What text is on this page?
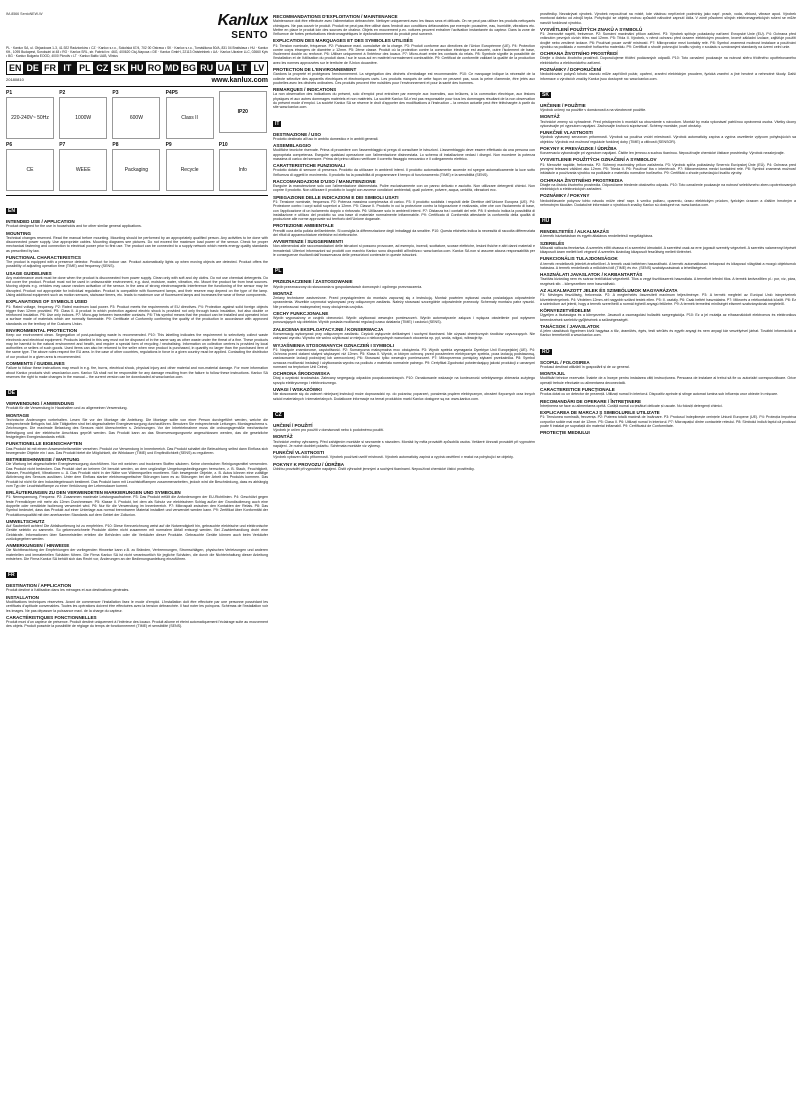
IM-8566 SentoNEW-W	Kanlux
SENTO
PL · Kanlux SA, ul. Objazdowa 1-3, 41-922 Radzionków • CZ · Kanlux s.r.o., Sokolská 67/4, 702 00 Ostrava • SK · Kanlux s.r.o., Tomášikova 50/A, 831 04 Bratislava • HU · Kanlux Kft., 1095 Budapest, Soroksári út 48 • RO · Kanlux SRL, str. Fabricii nr. 46G, 400620 Cluj-Napoca • DE · Kanlux GmbH, 22113 Oststeinbek • UA · Kanlux Ukraine LLC, 02660 Kyiv • BG · Kanlux Bulgaria EOOD, 4000 Plovdiv • LT · Kanlux Baltic UAB, Vilnius
EN DE FR IT PL CZ SK HU RO MD BG RU UA LT LV
20180810	www.kanlux.com
P1
220-240V~ 50Hz
P2
1000W
P3
600W
P4P5
Class II
IP20
P6
CE
P7
WEEE
P8
Packaging
P9
Recycle
P10
Info
EN
INTENDED USE / APPLICATION

Product designed for the use in households and for other similar general applications.

MOUNTING

Technical changes reserved. Read the manual before mounting. Mounting should be performed by an appropriately qualified person. Any activities to be done with disconnected power supply. Use appropriate cables. Mounting diagrams see pictures. Do not exceed the maximum load power of the sensor. Check for proper mechanical fastening and connection to electrical power prior to first use. The product can be connected to a supply network which meets energy quality standards as prescribed by law.

FUNCTIONAL CHARACTERISTICS

The product is equipped with a presence detector. Product for indoor use. Product automatically lights up when moving objects are detected. Product offers the possibility of adjusting operation time (TIME) and frequency (SENS).

USAGE GUIDELINES

Any maintenance work must be done when the product is disconnected from power supply. Clean only with soft and dry cloths. Do not use chemical detergents. Do not cover the product. Product must not be used in unfavourable environment, e.g. dust, moisture, water, vibration, etc. Mount the product far from heat sources. Moving objects e.g. vehicles may cause random activation of the sensor. In the area of strong electromagnetic interference the functioning of the sensor may be disrupted. Product not appropriate for individual regulation. Product is compatible with fluorescent lamps, and their reserve may depend on the type of the lamp. Using additional equipment such as motion sensors, staircase timers, etc. leads to maximum use of fluorescent lamps and increases the wear of these components.

EXPLANATIONS OF SYMBOLS USED

P1: Rated voltage, frequency. P2: Rated maximum load power. P3: Product meets the requirements of EU directives. P4: Protection against solid foreign objects bigger than 12mm provided. P5: Class II. A product in which protection against electric shock is provided not only through basic insulation, but also double or reinforced insulation. P6: Use only indoors. P7: Micro-gap between transmitter contacts. P8: This symbol means that the product can be installed and operated in/on a surface made of materials which are normally flammable. P9: Certificate of Conformity confirming the quality of the production in accordance with approved standards on the territory of the Customs Union.

ENVIRONMENTAL PROTECTION

Keep our environment clean. Segregation of post-packaging waste is recommended. P10: This labelling indicates the requirement to selectively collect waste electronic and electrical equipment. Products labelled in this way must not be disposed of in the same way as other waste under the threat of a fine. These products may be harmful to the natural environment and health, and require a special form of recycling / neutralising. Information on collection centres is provided by local authorities or sellers of such goods. Used items can also be returned to the seller when new product is purchased, in quantity no larger than the purchased item of the same type. The above rules respect the EU area. In the case of other countries, regulations in force in a given country must be applied. Contacting the distributor of our product in a given area is recommended.

COMMENTS / GUIDELINES

Failure to follow these instructions may result in e.g. fire, burns, electrical shock, physical injury and other material and non-material damage. For more information about Kanlux products visit: www.kanlux.com. Kanlux SA shall not be responsible for any damage resulting from the failure to follow these instructions. Kanlux SA reserves the right to make changes in the manual – the current version can be downloaded at www.kanlux.com.

DE
VERWENDUNG / ANWENDUNG

Produkt für die Verwendung in Haushalten und zu allgemeinen Verwendung.

MONTAGE

Technische Änderungen vorbehalten. Lesen Sie vor der Montage die Anleitung. Die Montage sollte von einer Person durchgeführt werden, welche die entsprechende Befugnis hat. Alle Tätigkeiten sind bei abgeschalteter Energieversorgung durchzuführen. Benutzen Sie entsprechende Leitungen. Montageschema s. Zeichnungen. Die maximale Belastung des Sensors nicht überschreiten s. Zeichnungen. Vor der Inbetriebnahme muss die ordnungsgemäße mechanische Befestigung und der elektrische Anschluss geprüft werden. Das Produkt kann an das Stromversorgungsnetz angeschlossen werden, das die gesetzliche festgelegten Energiestandards erfüllt.

FUNKTIONELLE EIGENSCHAFTEN

Das Produkt ist mit einem Anwesenheitsmelder versehen. Produkt zur Verwendung in Innenbereich. Das Produkt schaltet die Beleuchtung selbst dann Einfluss sich bewegender Objekte ein / aus. Das Produkt bietet die Möglichkeit, die Wirkdauer (TIME) und Empfindlichkeit (SENS) zu regulieren.

BETRIEBSHINWEISE / WARTUNG

Die Wartung bei abgeschalteter Energieversorgung durchführen. Nur mit weichen und trockenen Stoffen säubern. Keine chemischen Reinigungsmittel verwenden. Das Produkt nicht bedecken. Das Produkt darf an keinem Ort benutzt werden, an dem ungünstige Umgebungsbedingungen herrschen, z. B. Staub, Feuchtigkeit, Wasser, Feuchtigkeit, Vibrationen u. Ä. Das Produkt nicht in der Nähe von Wärmequellen montieren. Sich bewegende Objekte, z. B. Autos können eine zufällige Aktivierung des Sensors auslösen. Unter dem Einfluss starker elektromagnetischer Störungen kann es zu Störungen bei der Arbeit des Produkts kommen. Das Produkt ist nicht für den Industriegebrauch bestimmt. Das Produkt kann mit Leuchtstofflampen zusammenarbeiten, jedoch wird die Beschränkung, dass es abhängig vom Typ der Leuchtstofflampe zu einer Verkürzung der Lebensdauer kommt.

ERLÄUTERUNGEN ZU DEN VERWENDETEN MARKIERUNGEN UND SYMBOLEN

P1: Nennspannung, Frequenz. P2: Zusammen maximale Leistungsaufnahme. P3: Das Produkt erfüllt die Anforderungen der EU-Richtlinien. P4: Geschützt gegen feste Fremdkörper mit mehr als 12mm Durchmesser. P5: Klasse II. Produkt, bei dem als Schutz vor elektrischem Schlag außer der Grundisolierung auch eine doppelte oder verstärkte Isolierung verwendet wird. P6: Nur für die Verwendung im Innenbereich. P7: Mikrospalt zwischen den Kontakten der Relais. P8: Das Symbol bedeutet, dass das Produkt auf einer Unterlage aus normal brennbarem Material installiert und verwendet werden kann. P9: Zertifikat über Konformität der Produktionsqualität mit den anerkannten Standards auf dem Gebiet der Zollunion.

UMWELTSCHUTZ

Auf Sauberkeit achten! Die Abfallsortierung ist zu empfehlen. P10: Diese Kennzeichnung weist auf die Notwendigkeit hin, gebrauchte elektrische und elektronische Geräte selektiv zu sammeln. So gekennzeichnete Produkte dürfen nicht zusammen mit normalem Abfall entsorgt werden. Bei Zuwiderhandlung droht eine Geldstrafe. Informationen über Sammelstellen erteilen die Behörden oder die Verkäufer dieser Produkte. Gebrauchte Geräte können auch beim Verkäufer zurückgegeben werden.

ANMERKUNGEN / HINWEISE

Die Nichtbeachtung der Empfehlungen der vorliegenden Hinweise kann z.B. zu Bränden, Verbrennungen, Stromschlägen, physischen Verletzungen und anderen materiellen und immateriellen Schäden führen. Die Firma Kanlux SA ist nicht verantwortlich für jegliche Schäden, die durch die Nichteinhaltung dieser Anleitung entstehen. Die Firma Kanlux SA behält sich das Recht vor, Änderungen an der Bedienungsanleitung einzuführen.

FR
DESTINATION / APPLICATION

Produit destiné à l'utilisation dans les ménages et aux destinations générales.

INSTALLATION

Modifications techniques réservées. Avant de commencer l'installation lisez le mode d'emploi. L'installation doit être effectuée par une personne possédant les certificats d'aptitude convenables. Toutes les opérations doivent être effectuées avec la tension débranchée. Il faut noter les poinçons. Schémas de l'installation voir les images. Ne pas dépasser la puissance maxi. de la charge du capteur.

CARACTÉRISTIQUES FONCTIONNELLES

Produit muni d'un capteur de présence. Produit destiné uniquement à l'intérieur des locaux. Produit allume et éteint automatiquement l'éclairage suite au mouvement des objets. Produit possède la possibilité de réglage du temps de fonctionnement (TIME) et sensibilité (SENS).

RECOMMANDATIONS D'EXPLOITATION / MAINTENANCE

Maintenance doit être effectuée avec l'alimentation débranchée. Nettoyer uniquement avec les tissus secs et délicats. On ne peut pas utiliser les produits nettoyants chimiques. Ne pas couvrir le produit. Produit ne peut pas être utilisé dans l'endroit aux conditions défavorables par exemple: poussière, eau, humidité, vibrations etc. Mettre en place le produit loin des sources de chaleur. Objets en mouvement p.ex. voitures peuvent entraîner l'activation instantanée du capteur. Dans la zone de l'influence de fortes perturbations électromagnétiques le dysfonctionnement du produit peut survenir.

EXPLICATION DES MARQUAGES ET DES SYMBOLES UTILISÉS

P1: Tension nominale, fréquence. P2: Puissance maxi. cumulative de la charge. P3: Produit conforme aux directives de l'Union Européenne (UE). P4: Protection contre corps étrangers de diamètre ≥ 12mm. P5: 2ème classe. Produit où la protection contre la commotion électrique est assurée, outre l'isolement de base, l'isolement double ou renforcé. P6: Utiliser uniquement à l'intérieur des locaux. P7: Micro-écart entre les contacts du relais. P8: Symbole signifie la possibilité de l'installation et de l'utilisation du produit dans / sur le sous-sol en matériel normalement combustible. P9: Certificat de conformité validant la qualité de la production avec les normes approuvées sur le territoire de l'Union douanière.

PROTECTION DE L'ENVIRONNEMENT

Gardons la propreté et protégeons l'environnement. La ségrégation des déchets d'emballage est recommandée. P10: Ce marquage indique la nécessité de la collecte sélective des appareils électriques et électroniques usés. Les produits marqués de cette façon ne peuvent pas, sous la peine d'amende, être jetés aux poubelles avec les déchets ordinaires. Ces produits peuvent être nuisibles pour l'environnement et pour la santé des hommes.

REMARQUES / INDICATIONS

La non observation des indications du présent, solo d'emploi peut entraîner par exemple aux incendies, aux brûlures, à la commotion électrique, aux lésions physiques et aux autres dommages matériels et non matériels. La société Kanlux SA n'est pas responsable pour tous les dommages résultant de la non observation du présent mode d'emploi. La société Kanlux SA se réserve le droit d'apporter des modifications à l'instruction – la version actuelle peut être téléchargée à partir du site www.kanlux.com.

IT
DESTINAZIONE / USO

Prodotto destinato all'uso in ambito domestico e in ambiti generali.

ASSEMBLAGGIO

Modifiche tecniche riservate. Prima di procedere con l'assemblaggio si prega di consultare le istruzioni. L'assemblaggio deve essere effettuato da una persona con appropriata competenza. Eseguire qualsiasi operazione con l'alimentazione disinnestata. Lo schema di installazione vedasi i disegni. Non eccedere la potenza massima di carico del sensore. Prima del primo utilizzo verificare il corretto fissaggio meccanico e il collegamento elettrico.

CARATTERISTICHE FUNZIONALI

Prodotto dotato di sensore di presenza. Prodotto da utilizzare in ambienti interni. Il prodotto automaticamente accende ed spegne automaticamente la luce sotto l'influenza di oggetti in movimento. Il prodotto ha la possibilità di programmare il tempo di funzionamento (TIME) e la sensibilità (SENS).

RACCOMANDAZIONI D'USO / MANUTENZIONE

Eseguire la manutenzione solo con l'alimentazione disinnestata. Pulire esclusivamente con un panno delicato e asciutto. Non utilizzare detergenti chimici. Non coprire il prodotto. Non utilizzare il prodotto in luoghi con avverse condizioni ambientali, quali polvere, polvere, acqua, umidità, vibrazioni ecc.

SPIEGAZIONE DELLE INDICAZIONI E DEI SIMBOLI USATI

P1: Tensione nominale, frequenza. P2: Potenza massima complessiva di carico. P3: Il prodotto soddisfa i requisiti delle Direttive dell'Unione Europea (UE). P4: Protezione contro i corpi solidi superiori a 12mm. P5: Classe II. Prodotto in cui la protezione contro la folgorazione è realizzata, oltre che con l'isolamento di base, con l'applicazione di un isolamento doppio o rinforzato. P6: Utilizzare solo in ambienti interni. P7: Distanza tra i contatti del relè. P8: Il simbolo indica la possibilità di installazione e utilizzo del prodotto su una base di materiale normalmente infiammabile. P9: Certificato di Conformità attestante la conformità della qualità di produzione alle norme approvate sul territorio dell'Unione doganale.

PROTEZIONE AMBIENTALE

Prenditi cura della pulizia dell'ambiente. Si consiglia la differenziazione degli imballaggi da smaltire. P10: Questa etichetta indica la necessità di raccolta differenziata dei rifiuti di apparecchiature elettriche ed elettroniche.

AVVERTENZE / SUGGERIMENTI

Non attenendosi alle raccomandazioni delle istruzioni si possono provocare, ad esempio, incendi, scottature, scosse elettriche, lesioni fisiche e altri danni materiali e immateriali. Ulteriori informazioni sui prodotti con marchio Kanlux sono disponibili all'indirizzo: www.kanlux.com. Kanlux SA non si assume alcuna responsabilità per le conseguenze risultanti dall'inosservanza delle prescrizioni contenute in queste istruzioni.

PL
PRZEZNACZENIE / ZASTOSOWANIE

Wyrób przeznaczony do stosowania w gospodarstwach domowych i ogólnego przeznaczenia.

MONTAŻ

Zmiany techniczne zastrzeżone. Przed przystąpieniem do montażu zapoznaj się z instrukcją. Montaż powinien wykonać osoba posiadająca odpowiednie uprawnienia. Wszelkie czynności wykonywać przy odłączonym zasilaniu. Należy stosować szczególnie odpowiednie przewody. Schematy montażu patrz rysunki. Nie przekraczać maksymalnej mocy obciążenia czujnika.

CECHY FUNKCJONALNE

Wyrób wyposażony w czujnik obecności. Wyrób użytkować wewnątrz pomieszczeń. Wyrób automatycznie załącza i wyłącza oświetlenie pod wpływem poruszających się obiektów. Wyrób posiada możliwość regulacji czasu działania (TIME) i czułości (SENS).

ZALECENIA EKSPLOATACYJNE / KONSERWACJA

Konserwację wykonywać przy odłączonym zasilaniu. Czyścić wyłącznie delikatnymi i suchymi tkaninami. Nie używać chemicznych środków czyszczących. Nie zakrywać wyrobu. Wyrobu nie wolno użytkować w miejscu o niekorzystnych warunkach otoczenia np. pył, woda, wilgoć, wibracje itp.

WYJAŚNIENIA STOSOWANYCH OZNACZEŃ I SYMBOLI

P1: Napięcie znamionowe, częstotliwość. P2: Sumaryczna maksymalna moc obciążenia. P3: Wyrób spełnia wymagania Dyrektyw Unii Europejskiej (UE). P4: Ochrona przed ciałami stałymi większymi niż 12mm. P5: Klasa II. Wyrób, w którym ochronę przed porażeniem elektrycznym spełnia, poza izolacją podstawową, zastosowanie izolacji podwójnej lub wzmocnionej. P6: Stosować tylko wewnątrz pomieszczeń. P7: Mikroprzerwa pomiędzy stykami przekaźnika. P8: Symbol oznacza możliwość instalacji i użytkowania wyrobu na podłożu z materiału normalnie palnego. P9: Certyfikat Zgodności potwierdzający jakość produkcji z uznanymi normami na terytorium Unii Celnej.

OCHRONA ŚRODOWISKA

Dbaj o czystość środowiska. Zalecany segregację odpadów poopakowaniowych. P10: Oznakowanie wskazuje na konieczność selektywnego zbierania zużytego sprzętu elektrycznego i elektronicznego.

UWAGI / WSKAZÓWKI

Nie stosowanie się do zaleceń niniejszej instrukcji może doprowadzić np. do pożarów, poparzeń, porażenia prądem elektrycznym, obrażeń fizycznych oraz innych szkód materialnych i niematerialnych. Dodatkowe informacje na temat produktów marki Kanlux dostępne są na: www.kanlux.com.

CZ
URČENÍ / POUŽITÍ

Výrobek je určen pro použití v domácnosti nebo k podobnému použití.

MONTÁŽ

Technické změny vyhrazeny. Před zahájením montáže si seznamte s návodem. Montáž by měla provádět způsobilá osoba. Veškeré činnosti provádět při vypnutém napájení. Je nutné dodržet polaritu. Schémata montáže viz výkresy.

FUNKČNÍ VLASTNOSTI

Výrobek vybaven čidlo přítomnosti. Výrobek používat uvnitř místností. Výrobek automaticky zapíná a vypíná osvětlení v reakci na pohybující se objekty.

POKYNY K PROVOZU / ÚDRŽBA

Údržbu provádět při vypnutém napájení. Čistit výhradně jemnými a suchými tkaninami. Nepoužívat chemické čistící prostředky.

prostředky. Nezakrývat výrobek. Výrobek nepoužívat na místě, kde vládnou nepříznivé podmínky jako např. prach, voda, vlhkost, vibrace apod. Výrobek montovat daleko od zdrojů tepla. Pohybující se objekty mohou způsobit náhodné zapnutí čidla. V zóně působení silných elektromagnetických rušení se může narušit funkčnost výrobku.

VYSVĚTLENÍ POUŽITÝCH ZNAKŮ A SYMBOLŮ

P1: Jmenovité napětí, frekvence. P2: Sumární maximální příkon zatížení. P3: Výrobek splňuje požadavky nařízení Evropské Unie (EU). P4: Ochrana před vniknutím pevných cizích těles nad 12mm. P5: Třída II. Výrobek, v němž ochranu před úrazem elektrickým proudem, kromě základní izolace, zajišťuje použití dvojité nebo zesílené izolace. P6: Používat pouze uvnitř místností. P7: Mikroprostor mezi kontakty relé. P8: Symbol znamená možnost instalace a používání výrobku na podkladu z normálně hořlavého materiálu. P9: Certifikát o shodě potvrzující kvalitu výroby v souladu s uznávanými standardy na území celní unie.

OCHRANA ŽIVOTNÍHO PROSTŘEDÍ

Dbejte o čistotu životního prostředí. Doporučujeme třídění podávaných odpadů. P10: Toto označení poukazuje na nutnost sběru tříděného opotřebovaného elektrického a elektronického zařízení.

POZNÁMKY / DOPORUČENÍ

Nedodržování pokynů tohoto návodu může zapříčinit požár, opaření, zranění elektrickým proudem, fyzická zranění a jiné hmotné a nehmotné škody. Další informace o výrobcích značky Kanlux jsou dostupné na: www.kanlux.com.

SK
URČENIE / POUŽITIE

Výrobok určený na použitie v domácnosti a na všeobecné použitie.

MONTÁŽ

Technické zmeny sú vyhradené. Pred pristúpením k montáži sa oboznámte s návodom. Montáž by mala vykonávať patričnou oprávnená osoba. Všetky úkony vykonávajte pri vypnutom napájaní. Zachovajte kruhovú súprávnosť. Schémy montáže, pozri obrázky.

FUNKČNÉ VLASTNOSTI

Výrobok vybavený senzorom prítomnosti. Výrobok sa používa vnútri miestností. Výrobok automaticky zapína a vypína osvetlenie vplyvom pohybujúcich sa objektov. Výrobok má možnosť regulácie funkčnej doby (TIME) a citlivosti (SENSOR).

POKYNY K PREVÁDZKE / ÚDRŽBA

Konzervaciu vykonávajte pri vypnutom napájaní. Čistite len jemnou a suchou tkaninou. Nepoužívajte chemické čistiace prostriedky. Výrobok nezakrývajte.

VYSVETLENIE POUŽITÝCH OZNAČENÍ A SYMBOLOV

P1: Menovité napätie, frekvencia. P2: Súhrnný maximálny príkon zaťaženia. P3: Výrobok spĺňa požiadavky Smerníc Európskej Únie (EÚ). P4: Ochrana pred pevnými telesami väčšími ako 12mm. P5: Trieda II. P6: Používať iba v interiéroch. P7: Mikromedzera medzi kontaktmi relé. P8: Symbol znamená možnosť inštalácie a používania výrobku na podklade z materiálu normálne horľavého. P9: Certifikát o zhode potvrdzujúci kvalitu výroby.

OCHRANA ŽIVOTNÉHO PROSTREDIA

Dbajte na čistotu životného prostredia. Odporúčame triedenie obalového odpadu. P10: Toto označenie poukazuje na nutnosť selektívneho zberu opotrebovaných elektrických a elektronických zariadení.

POZNÁMKY / POKYNY

Nedodržiavanie pokynov tohto návodu môže viesť napr. k vzniku požiaru, opareniu, úrazu elektrickým prúdom, fyzickým úrazom a ďalším hmotným a nehmotným škodám. Dodatočné informácie o výrobkoch značky Kanlux sú dostupné na: www.kanlux.com.

HU
RENDELTETÉS / ALKALMAZÁS

A termék háztartásban és egyéb általános rendeltetésű megvilágításra.

SZERELÉS

Műszaki változás fenntartva. A szerelés előtt olvassa el a szerelési útmutatót. A szerelést csak az erre jogosult személy végezheti. A szerelés valamennyi lépését kikapcsolt áram mellett kell végezni! A szerelés kizárólag kikapcsolt feszültség mellett történhet.

FUNKCIONÁLIS TULAJDONSÁGOK

A termék rendelkezik jelenlét-érzékelővel. A termék csak beltérben használható. A termék automatikusan bekapcsol és kikapcsol világítást a mozgó objektumok hatására. A termék rendelkezik a működési idő (TIME) és érz. (SENS) szabályozásának a lehetőségével.

HASZNÁLATI JAVASLATOK / KARBANTARTÁS

Tisztítás kizárólag nem és száraz textíliákkal végezhető. Tilos a vegyi tisztítószerek használata. A terméket lefedni tilos. A termék kedvezőtlen pl.: por, víz, pára, rezgések stb. - környezetben nem használható.

AZ ALKALMAZOTT JELEK ÉS SZIMBÓLUMOK MAGYARÁZATA

P1: Névleges feszültség, frekvencia. P2: A megterhelés összesített maximum teljesítménye. P3: A termék megfelel az Európai Unió irányelveinek követelményeinek. P4: Védelem 12mm-nél nagyobb szilárd testek ellen. P5: II. osztály. P6: Csak beltéri használatra. P7: Mikrorés a relékontaktok között. P8: Ez a szimbólum azt jelenti, hogy a termék szerelhető a normál éghető anyagú felületre. P9: A termék termelési minőségét elismert szabványoknak megfelelő.

KÖRNYEZETVÉDELEM

Ügyeljen a tisztaságra és a környezetre. Javasolt a csomagolási hulladék szegregációja. P10: Ez a jel mutatja az elhasználódott elektromos és elektronikus berendezések szelektív gyűjtésének a szükségességét.

TANÁCSOK / JAVASLATOK

A jelen utasítások figyelmen kívül hagyása a tűz, áramütés, égés, testi sérülés és egyéb anyagi és nem anyagi kár veszélyével járhat. További információk a Kanlux termékeiről a www.kanlux.com.

RO
SCOPUL / FOLOSIREA

Produsul destinat utilizării în gospodării și de uz general.

MONTAJUL

Modificări tehnice rezervate. Înainte de a începe pentru instalarea citiți instrucțiunea. Persoana de instalare al trebui să fie cu autorizări corespunzătoare. Orice operații trebuie efectuate cu alimentarea deconectată.

CARACTERISTICE FUNCȚIONALE

Produs dotat cu un detector de prezență. Utilizați numai în interiorul. Dispozitiv aprinde și stinge automat lumina sub influența unor obiecte în mișcare.

RECOMANDĂRI DE OPERARE / ÎNTREȚINERE

Întreținerea se face cu alimentarea oprită. Curăță numai cu țesături delicate și uscate. Nu folosiți detergenți chimici.

EXPLICAREA DE MARCAJ Ș SIMBOLURILE UTILIZATE

P1: Tensiunea nominală, frecvența. P2: Puterea totală maximă de încărcare. P3: Produsul îndeplinește cerințele Uniunii Europene (UE). P4: Protecția împotriva corpurilor solide mai mari de 12mm. P5: Clasa II. P6: Utilizați numai în interiorul. P7: Microspațiul dintre contactele releului. P8: Simbolul indică faptul că produsul poate fi instalat pe suprafață din material inflamabil. P9: Certificatul de Conformitate.

PROTECȚIE MEDIULUI
